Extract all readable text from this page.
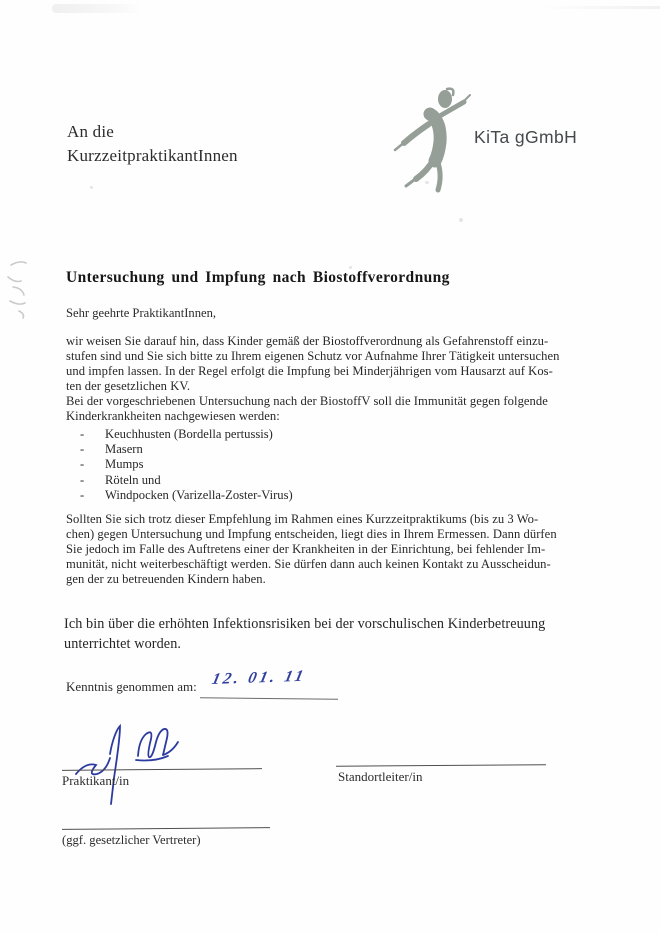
An die
KurzzeitpraktikantInnen
KiTa gGmbH
Untersuchung und Impfung nach Biostoffverordnung
Sehr geehrte PraktikantInnen,
wir weisen Sie darauf hin, dass Kinder gemäß der Biostoffverordnung als Gefahrenstoff einzu-
stufen sind und Sie sich bitte zu Ihrem eigenen Schutz vor Aufnahme Ihrer Tätigkeit untersuchen
und impfen lassen. In der Regel erfolgt die Impfung bei Minderjährigen vom Hausarzt auf Kos-
ten der gesetzlichen KV.
Bei der vorgeschriebenen Untersuchung nach der BiostoffV soll die Immunität gegen folgende
Kinderkrankheiten nachgewiesen werden:
- Keuchhusten (Bordella pertussis)
- Masern
- Mumps
- Röteln und
- Windpocken (Varizella-Zoster-Virus)
Sollten Sie sich trotz dieser Empfehlung im Rahmen eines Kurzzeitpraktikums (bis zu 3 Wo-
chen) gegen Untersuchung und Impfung entscheiden, liegt dies in Ihrem Ermessen. Dann dürfen
Sie jedoch im Falle des Auftretens einer der Krankheiten in der Einrichtung, bei fehlender Im-
munität, nicht weiterbeschäftigt werden. Sie dürfen dann auch keinen Kontakt zu Ausscheidun-
gen der zu betreuenden Kindern haben.
Ich bin über die erhöhten Infektionsrisiken bei der vorschulischen Kinderbetreuung
unterrichtet worden.
Kenntnis genommen am: 12. 01. 11
Praktikant/in	Standortleiter/in
(ggf. gesetzlicher Vertreter)
